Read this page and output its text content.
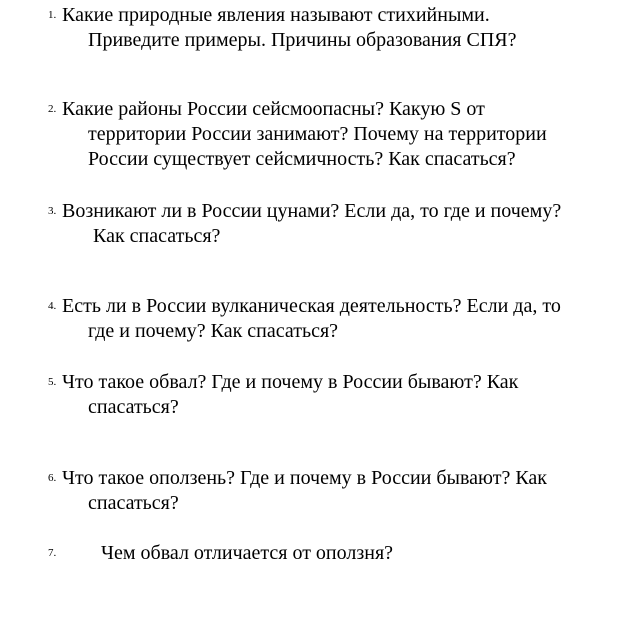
1. Какие природные явления называют стихийными.
Приведите примеры. Причины образования СПЯ?
2. Какие районы России сейсмоопасны? Какую S от
территории России занимают? Почему на территории
России существует сейсмичность? Как спасаться?
3. Возникают ли в России цунами? Если да, то где и почему?
Как спасаться?
4. Есть ли в России вулканическая деятельность? Если да, то
где и почему? Как спасаться?
5. Что такое обвал? Где и почему в России бывают? Как
спасаться?
6. Что такое оползень? Где и почему в России бывают? Как
спасаться?
7. Чем обвал отличается от оползня?
